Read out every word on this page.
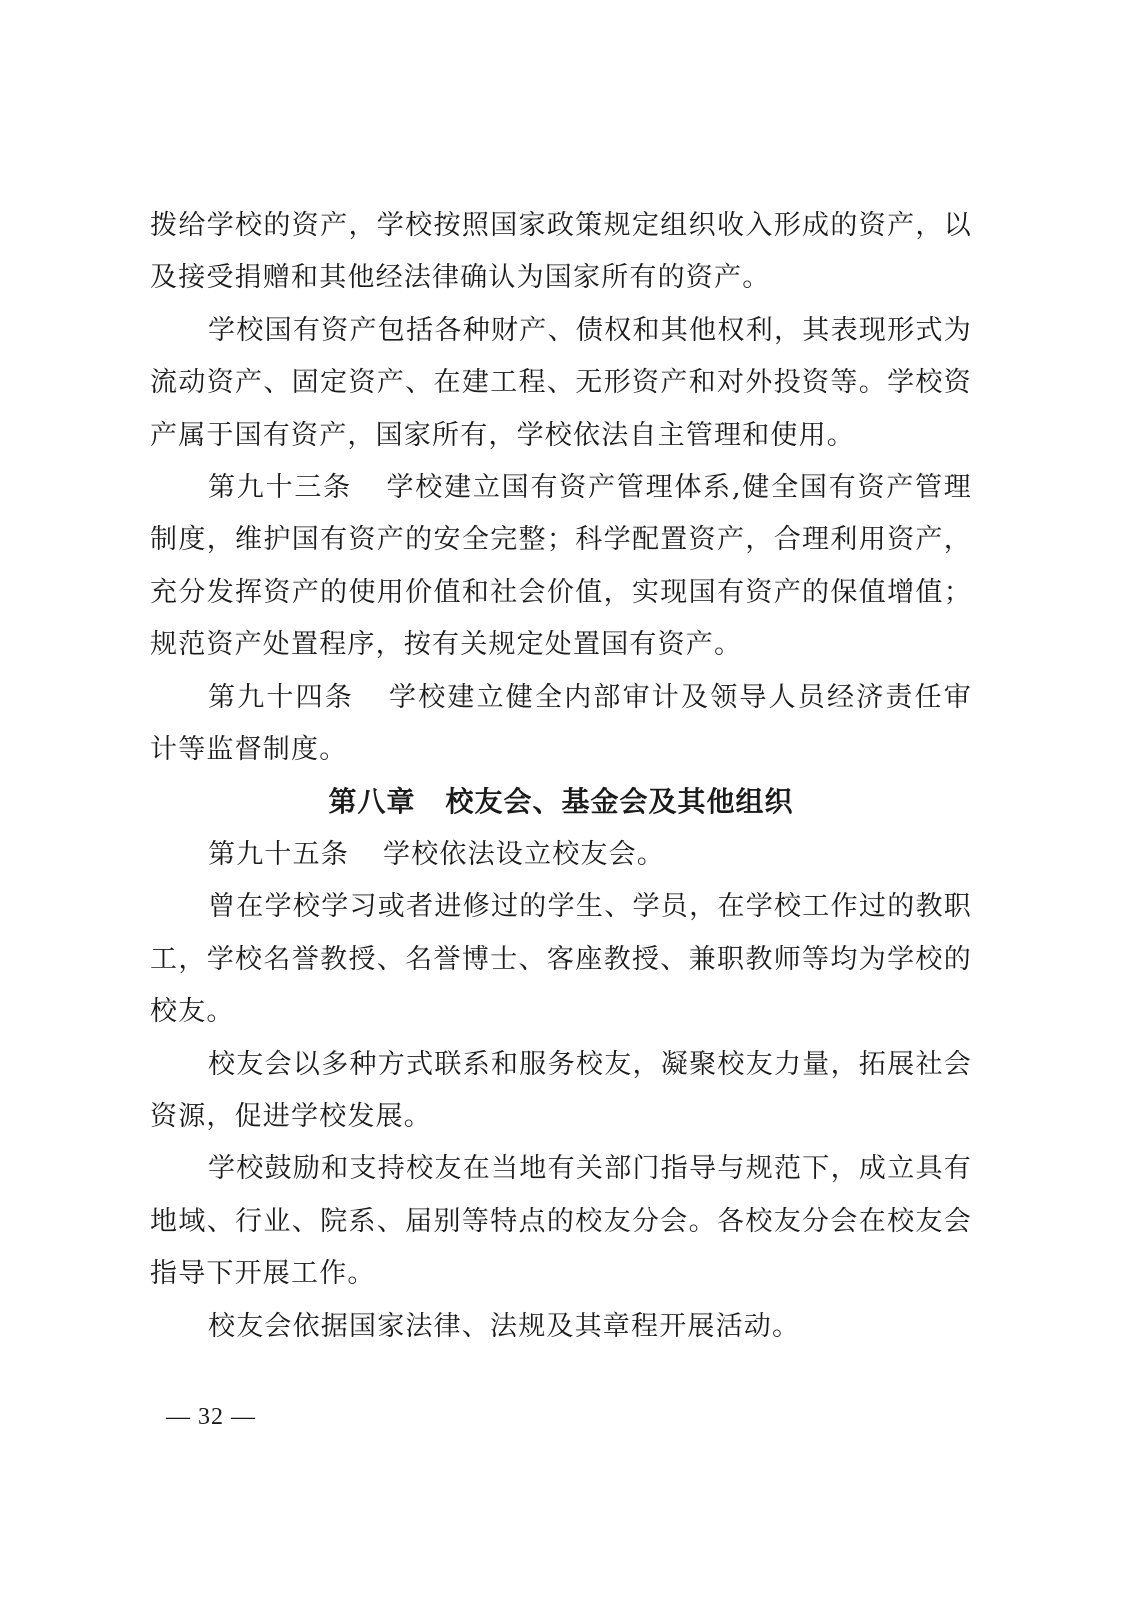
拨给学校的资产，学校按照国家政策规定组织收入形成的资产，以及接受捐赠和其他经法律确认为国家所有的资产。

学校国有资产包括各种财产、债权和其他权利，其表现形式为流动资产、固定资产、在建工程、无形资产和对外投资等。学校资产属于国有资产，国家所有，学校依法自主管理和使用。

第九十三条 学校建立国有资产管理体系,健全国有资产管理制度，维护国有资产的安全完整；科学配置资产，合理利用资产，充分发挥资产的使用价值和社会价值，实现国有资产的保值增值；规范资产处置程序，按有关规定处置国有资产。

第九十四条 学校建立健全内部审计及领导人员经济责任审计等监督制度。

第八章 校友会、基金会及其他组织

第九十五条 学校依法设立校友会。

曾在学校学习或者进修过的学生、学员，在学校工作过的教职工，学校名誉教授、名誉博士、客座教授、兼职教师等均为学校的校友。

校友会以多种方式联系和服务校友，凝聚校友力量，拓展社会资源，促进学校发展。

学校鼓励和支持校友在当地有关部门指导与规范下，成立具有地域、行业、院系、届别等特点的校友分会。各校友分会在校友会指导下开展工作。

校友会依据国家法律、法规及其章程开展活动。

— 32 —
